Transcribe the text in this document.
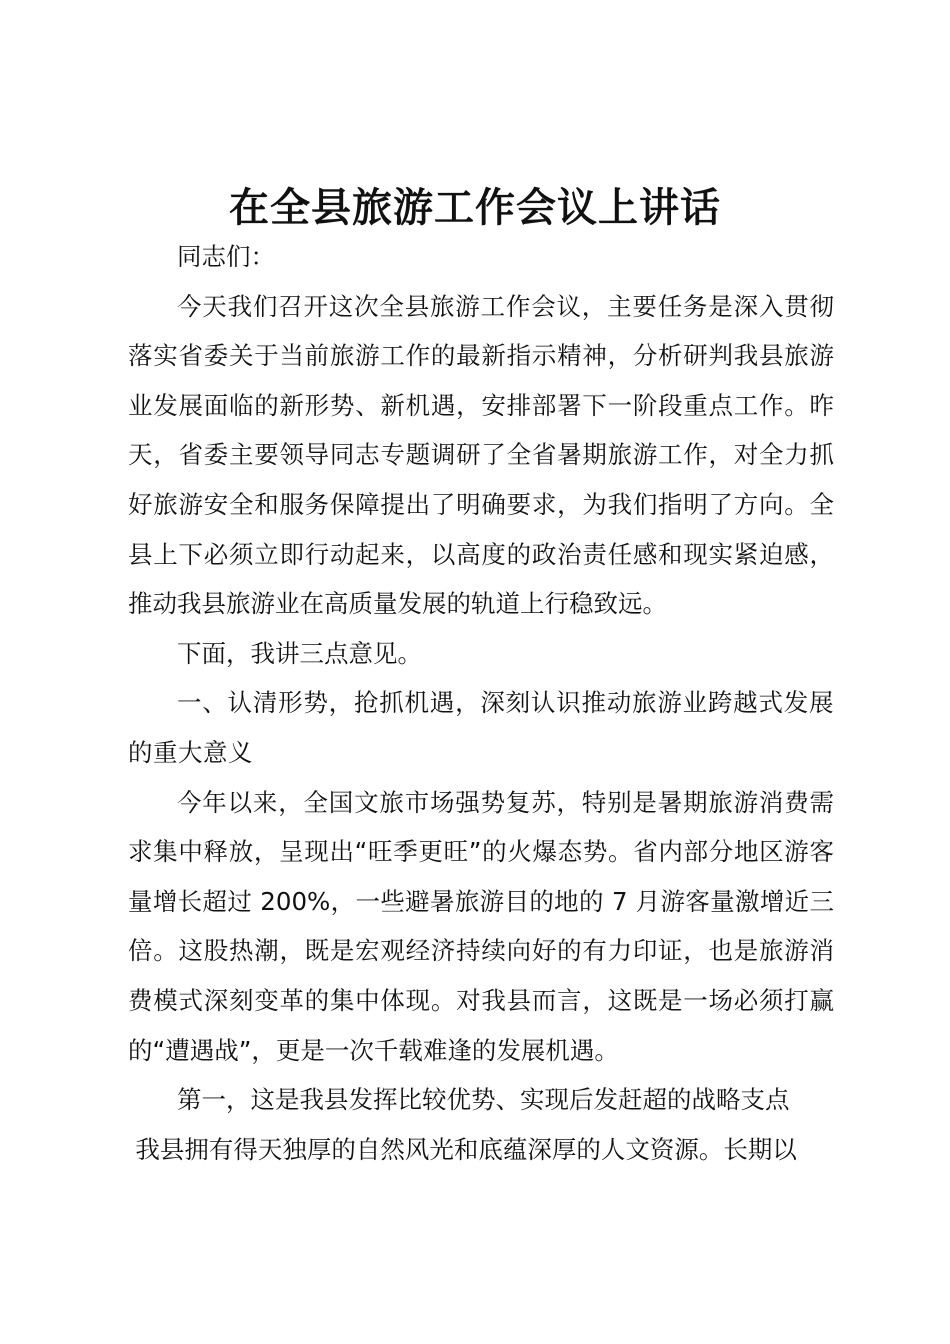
在全县旅游工作会议上讲话

同志们：

今天我们召开这次全县旅游工作会议，主要任务是深入贯彻落实省委关于当前旅游工作的最新指示精神，分析研判我县旅游业发展面临的新形势、新机遇，安排部署下一阶段重点工作。昨天，省委主要领导同志专题调研了全省暑期旅游工作，对全力抓好旅游安全和服务保障提出了明确要求，为我们指明了方向。全县上下必须立即行动起来，以高度的政治责任感和现实紧迫感，推动我县旅游业在高质量发展的轨道上行稳致远。

下面，我讲三点意见。

一、认清形势，抢抓机遇，深刻认识推动旅游业跨越式发展的重大意义

今年以来，全国文旅市场强势复苏，特别是暑期旅游消费需求集中释放，呈现出“旺季更旺”的火爆态势。省内部分地区游客量增长超过 200%，一些避暑旅游目的地的 7 月游客量激增近三倍。这股热潮，既是宏观经济持续向好的有力印证，也是旅游消费模式深刻变革的集中体现。对我县而言，这既是一场必须打赢的“遭遇战”，更是一次千载难逢的发展机遇。

第一，这是我县发挥比较优势、实现后发赶超的战略支点

我县拥有得天独厚的自然风光和底蕴深厚的人文资源。长期以
